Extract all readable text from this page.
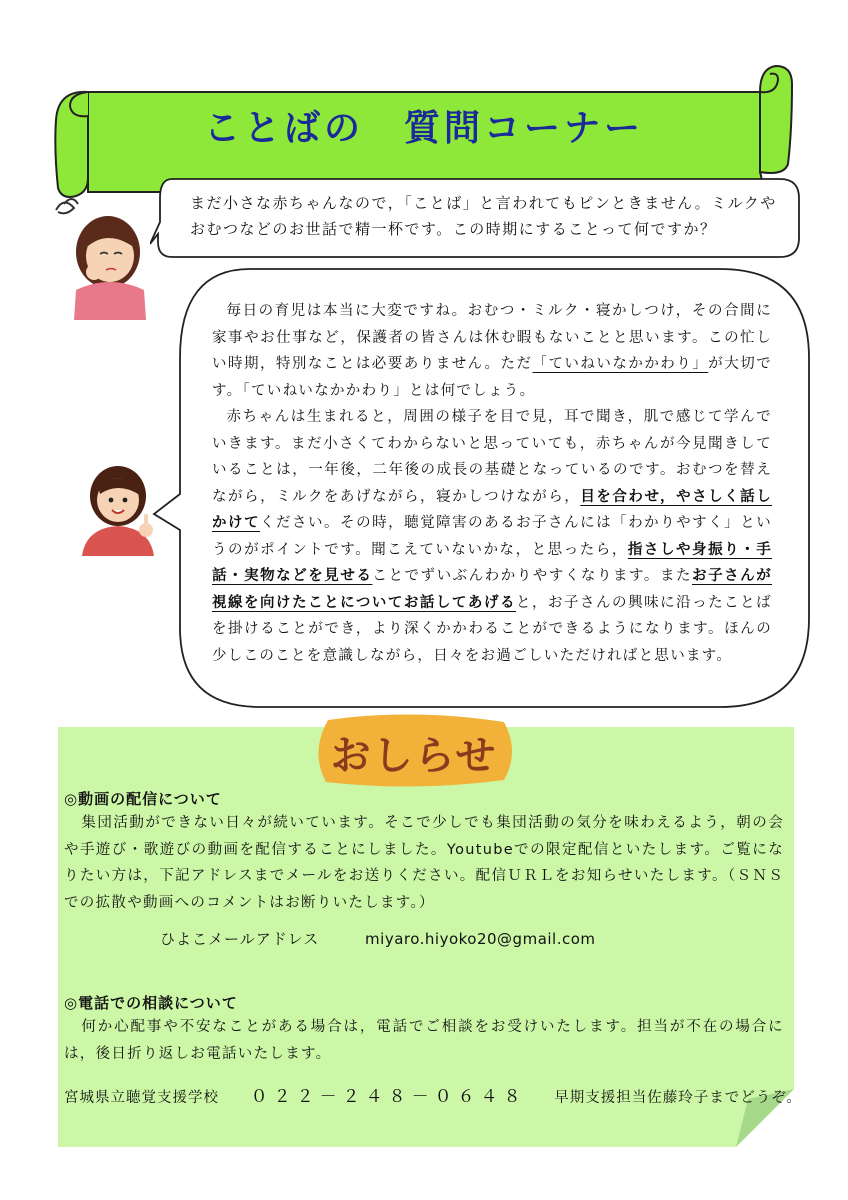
ことばの　質問コーナー
まだ小さな赤ちゃんなので，「ことば」と言われてもピンときません。ミルクやおむつなどのお世話で精一杯です。この時期にすることって何ですか？

毎日の育児は本当に大変ですね。おむつ・ミルク・寝かしつけ，その合間に家事やお仕事など，保護者の皆さんは休む暇もないことと思います。この忙しい時期，特別なことは必要ありません。ただ「ていねいなかかわり」が大切です。「ていねいなかかわり」とは何でしょう。

赤ちゃんは生まれると，周囲の様子を目で見，耳で聞き，肌で感じて学んでいきます。まだ小さくてわからないと思っていても，赤ちゃんが今見聞きしていることは，一年後，二年後の成長の基礎となっているのです。おむつを替えながら，ミルクをあげながら，寝かしつけながら，目を合わせ，やさしく話しかけてください。その時，聴覚障害のあるお子さんには「わかりやすく」というのがポイントです。聞こえていないかな，と思ったら，指さしや身振り・手話・実物などを見せることでずいぶんわかりやすくなります。またお子さんが視線を向けたことについてお話してあげると，お子さんの興味に沿ったことばを掛けることができ，より深くかかわることができるようになります。ほんの少しこのことを意識しながら，日々をお過ごしいただければと思います。

おしらせ
◎動画の配信について
集団活動ができない日々が続いています。そこで少しでも集団活動の気分を味わえるよう，朝の会や手遊び・歌遊びの動画を配信することにしました。Youtubeでの限定配信といたします。ご覧になりたい方は，下記アドレスまでメールをお送りください。配信ＵＲＬをお知らせいたします。（ＳＮＳでの拡散や動画へのコメントはお断りいたします。）
ひよこメールアドレス	miyaro.hiyoko20@gmail.com
◎電話での相談について
何か心配事や不安なことがある場合は，電話でご相談をお受けいたします。担当が不在の場合には，後日折り返しお電話いたします。
宮城県立聴覚支援学校 ０２２－２４８－０６４８ 早期支援担当佐藤玲子までどうぞ。
